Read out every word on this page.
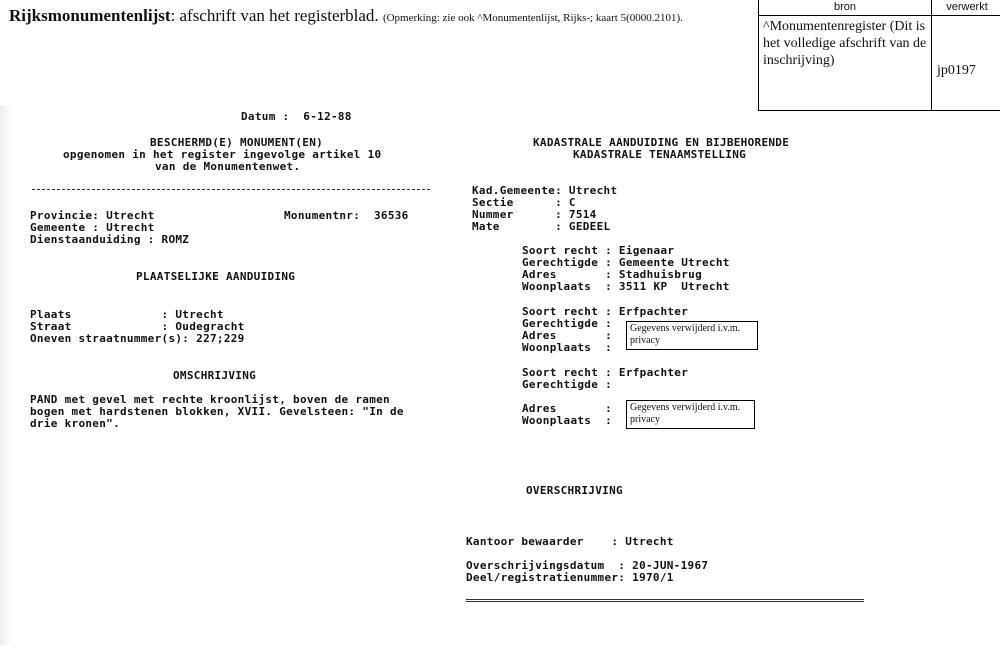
Rijksmonumentenlijst: afschrift van het registerblad. (Opmerking: zie ook ^Monumentenlijst, Rijks-; kaart 5(0000.2101).
bron
^Monumentenregister (Dit is het volledige afschrift van de inschrijving)
verwerkt
jp0197
Datum :  6-12-88
BESCHERMD(E) MONUMENT(EN)
opgenomen in het register ingevolge artikel 10
van de Monumentenwet.
Provincie: Utrecht	Monumentnr:  36536
Gemeente : Utrecht
Dienstaanduiding : ROMZ
PLAATSELIJKE AANDUIDING
Plaats             : Utrecht
Straat             : Oudegracht
Oneven straatnummer(s): 227;229
OMSCHRIJVING
PAND met gevel met rechte kroonlijst, boven de ramen
bogen met hardstenen blokken, XVII. Gevelsteen: "In de
drie kronen".
KADASTRALE AANDUIDING EN BIJBEHORENDE
KADASTRALE TENAAMSTELLING
Kad.Gemeente: Utrecht
Sectie      : C
Nummer      : 7514
Mate        : GEDEEL
Soort recht : Eigenaar
Gerechtigde : Gemeente Utrecht
Adres       : Stadhuisbrug
Woonplaats  : 3511 KP  Utrecht
Soort recht : Erfpachter
Gerechtigde :
Adres       :
Woonplaats  :
Gegevens verwijderd i.v.m. privacy
Soort recht : Erfpachter
Gerechtigde :
Adres       :
Woonplaats  :
Gegevens verwijderd i.v.m. privacy
OVERSCHRIJVING
Kantoor bewaarder    : Utrecht
Overschrijvingsdatum  : 20-JUN-1967
Deel/registratienummer: 1970/1
